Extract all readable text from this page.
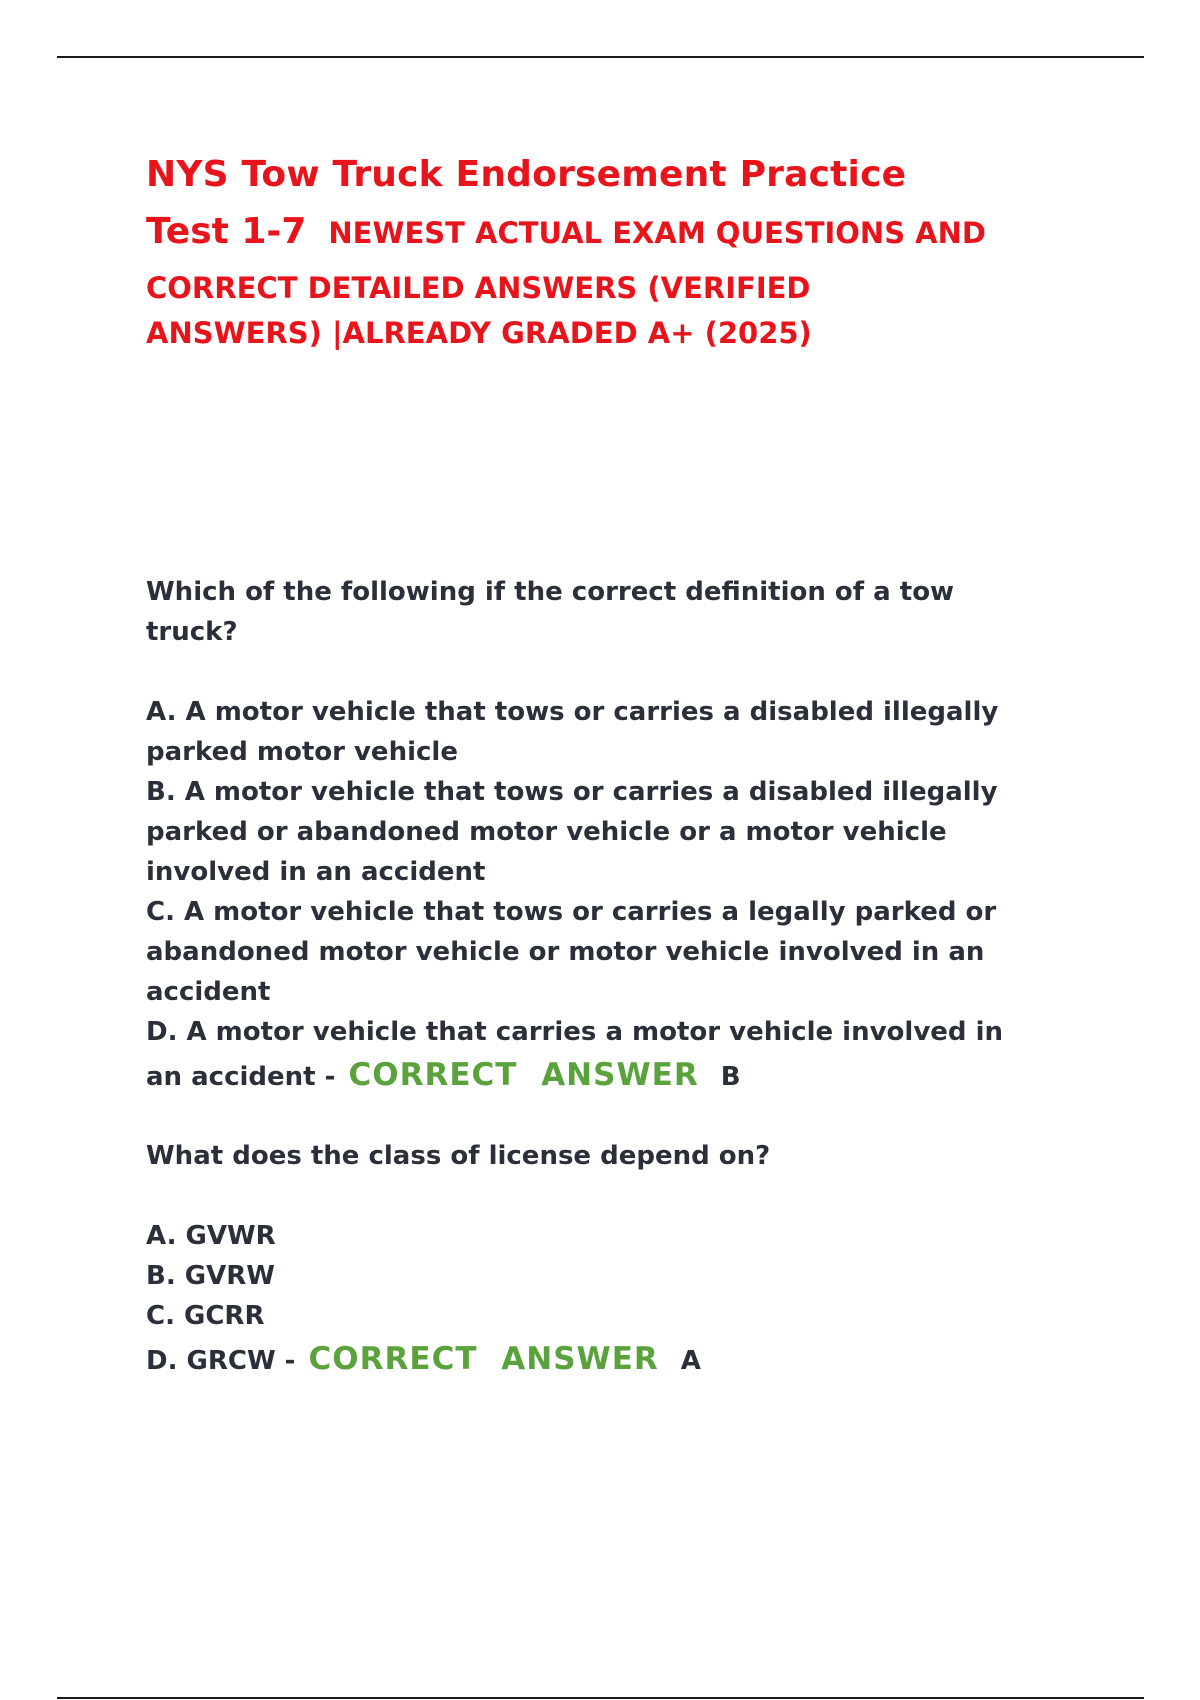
NYS Tow Truck Endorsement Practice
Test 1-7 NEWEST ACTUAL EXAM QUESTIONS AND
CORRECT DETAILED ANSWERS (VERIFIED
ANSWERS) |ALREADY GRADED A+ (2025)
Which of the following if the correct definition of a tow
truck?
A. A motor vehicle that tows or carries a disabled illegally
parked motor vehicle
B. A motor vehicle that tows or carries a disabled illegally
parked or abandoned motor vehicle or a motor vehicle
involved in an accident
C. A motor vehicle that tows or carries a legally parked or
abandoned motor vehicle or motor vehicle involved in an
accident
D. A motor vehicle that carries a motor vehicle involved in
an accident - CORRECT ANSWER B
What does the class of license depend on?
A. GVWR
B. GVRW
C. GCRR
D. GRCW - CORRECT ANSWER A
